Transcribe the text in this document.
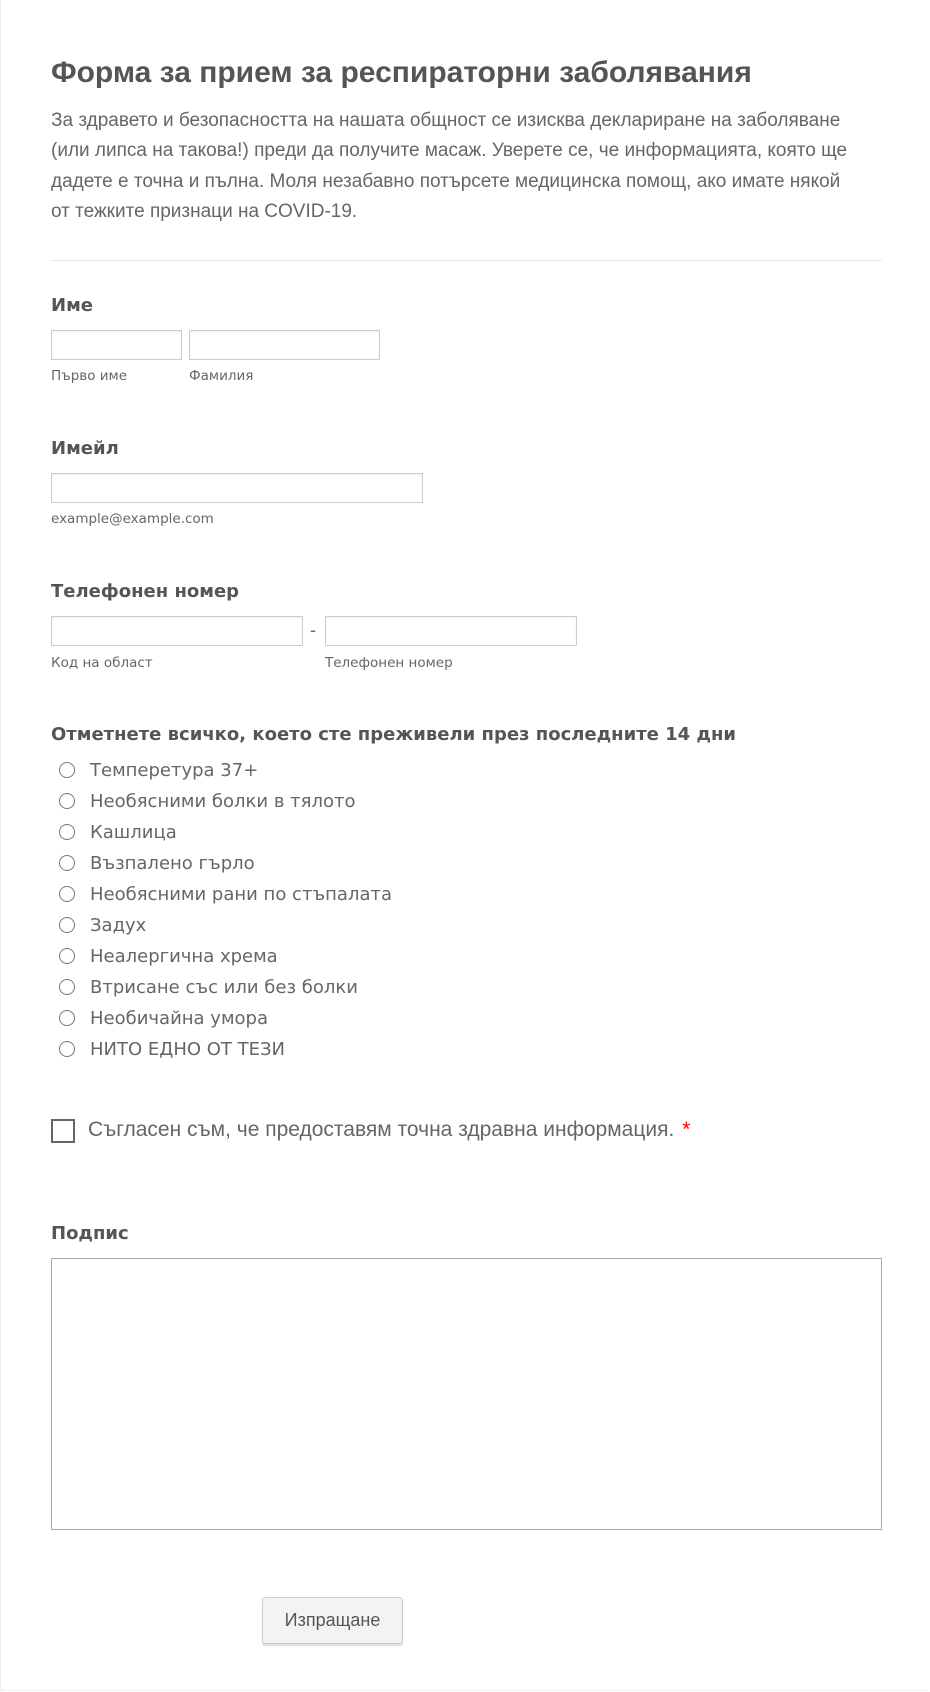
Форма за прием за респираторни заболявания
За здравето и безопасността на нашата общност се изисква деклариране на заболяване (или липса на такова!) преди да получите масаж. Уверете се, че информацията, която ще дадете е точна и пълна. Моля незабавно потърсете медицинска помощ, ако имате някой от тежките признаци на COVID-19.
Име
Първо име	Фамилия
Имейл
example@example.com
Телефонен номер
-
Код на област	Телефонен номер
Отметнете всичко, което сте преживели през последните 14 дни
Темперетура 37+
Необясними болки в тялото
Кашлица
Възпалено гърло
Необясними рани по стъпалата
Задух
Неалергична хрема
Втрисане със или без болки
Необичайна умора
НИТО ЕДНО ОТ ТЕЗИ
Съгласен съм, че предоставям точна здравна информация. *
Подпис
Изпращане
